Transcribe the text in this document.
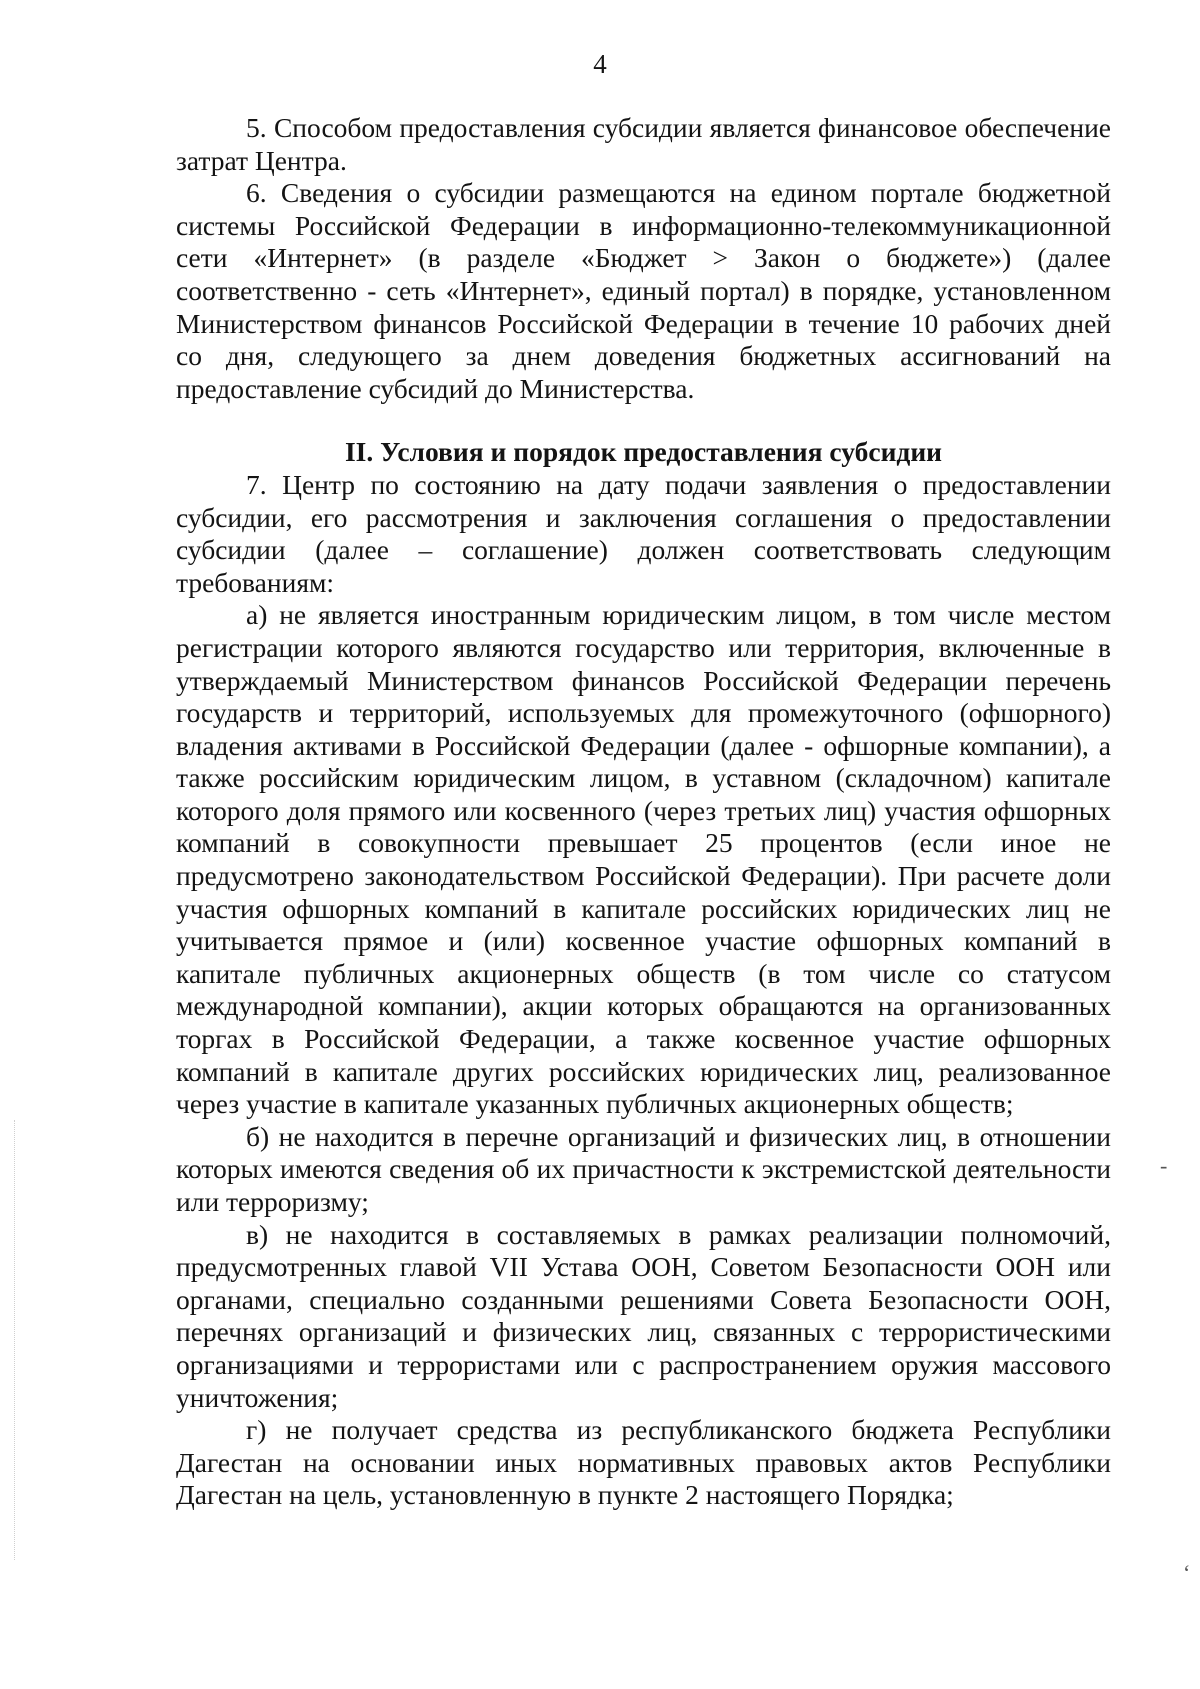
4

5. Способом предоставления субсидии является финансовое обеспечение затрат Центра.

6. Сведения о субсидии размещаются на едином портале бюджетной системы Российской Федерации в информационно-телекоммуникационной сети «Интернет» (в разделе «Бюджет > Закон о бюджете») (далее соответственно - сеть «Интернет», единый портал) в порядке, установленном Министерством финансов Российской Федерации в течение 10 рабочих дней со дня, следующего за днем доведения бюджетных ассигнований на предоставление субсидий до Министерства.

II. Условия и порядок предоставления субсидии

7. Центр по состоянию на дату подачи заявления о предоставлении субсидии, его рассмотрения и заключения соглашения о предоставлении субсидии (далее – соглашение) должен соответствовать следующим требованиям:

а) не является иностранным юридическим лицом, в том числе местом регистрации которого являются государство или территория, включенные в утверждаемый Министерством финансов Российской Федерации перечень государств и территорий, используемых для промежуточного (офшорного) владения активами в Российской Федерации (далее - офшорные компании), а также российским юридическим лицом, в уставном (складочном) капитале которого доля прямого или косвенного (через третьих лиц) участия офшорных компаний в совокупности превышает 25 процентов (если иное не предусмотрено законодательством Российской Федерации). При расчете доли участия офшорных компаний в капитале российских юридических лиц не учитывается прямое и (или) косвенное участие офшорных компаний в капитале публичных акционерных обществ (в том числе со статусом международной компании), акции которых обращаются на организованных торгах в Российской Федерации, а также косвенное участие офшорных компаний в капитале других российских юридических лиц, реализованное через участие в капитале указанных публичных акционерных обществ;

б) не находится в перечне организаций и физических лиц, в отношении которых имеются сведения об их причастности к экстремистской деятельности или терроризму;

в) не находится в составляемых в рамках реализации полномочий, предусмотренных главой VII Устава ООН, Советом Безопасности ООН или органами, специально созданными решениями Совета Безопасности ООН, перечнях организаций и физических лиц, связанных с террористическими организациями и террористами или с распространением оружия массового уничтожения;

г) не получает средства из республиканского бюджета Республики Дагестан на основании иных нормативных правовых актов Республики Дагестан на цель, установленную в пункте 2 настоящего Порядка;

‐
‘
